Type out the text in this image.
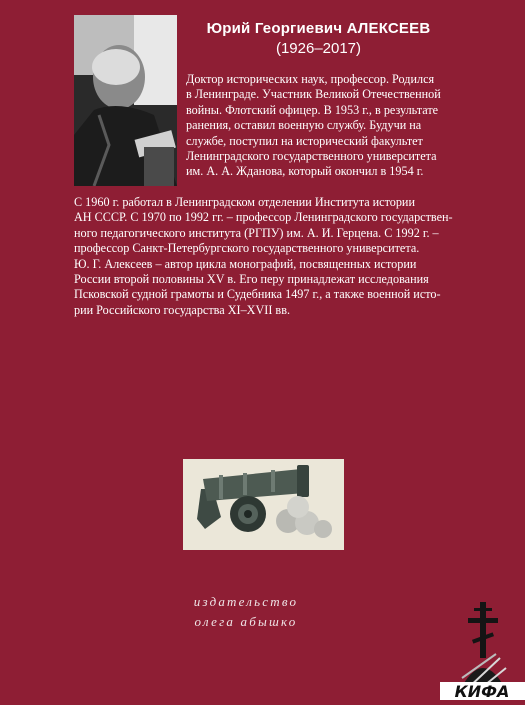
Юрий Георгиевич АЛЕКСЕЕВ
(1926–2017)
Доктор исторических наук, профессор. Родился
в Ленинграде. Участник Великой Отечественной
войны. Флотский офицер. В 1953 г., в результате
ранения, оставил военную службу. Будучи на
службе, поступил на исторический факультет
Ленинградского государственного университета
им. А. А. Жданова, который окончил в 1954 г.
С 1960 г. работал в Ленинградском отделении Института истории
АН СССР. С 1970 по 1992 гг. – профессор Ленинградского государствен-
ного педагогического института (РГПУ) им. А. И. Герцена. С 1992 г. –
профессор Санкт-Петербургского государственного университета.
Ю. Г. Алексеев – автор цикла монографий, посвященных истории
России второй половины XV в. Его перу принадлежат исследования
Псковской судной грамоты и Судебника 1497 г., а также военной исто-
рии Российского государства XI–XVII вв.
издательство
олега абышко
КИФА
